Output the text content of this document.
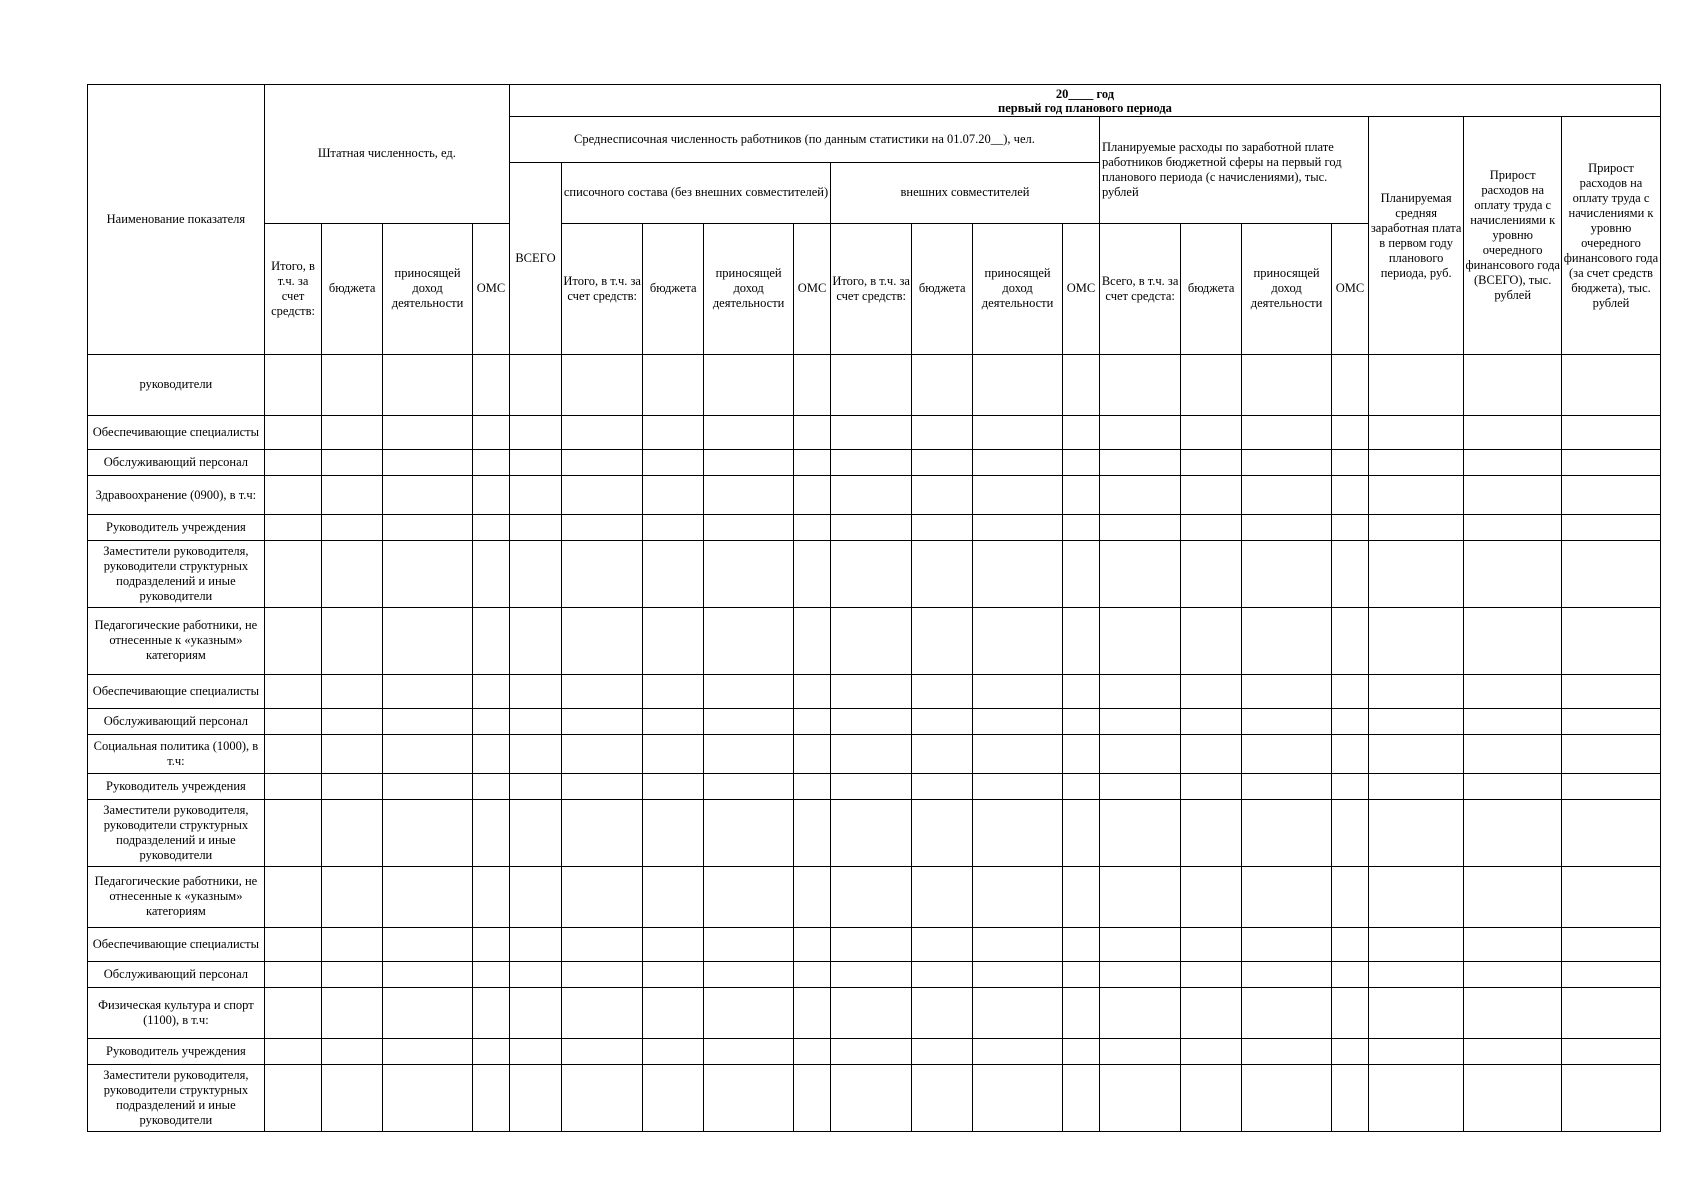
Наименование показателя	Штатная численность, ед.				20____ год
первый год планового периода															

					Среднесписочная численность работников (по данным статистики на 01.07.20__), чел.									Планируемые расходы по заработной плате работников бюджетной сферы на первый год планового периода (с начислениями), тыс. рублей				Планируемая средняя заработная плата в первом году планового периода, руб.	Прирост расходов на оплату труда с начислениями к уровню очередного финансового года (ВСЕГО), тыс. рублей	Прирост расходов на оплату труда с начислениями к уровню очередного финансового года (за счет средств бюджета), тыс. рублей
					ВСЕГО	списочного состава (без внешних совместителей)				внешних совместителей										
	Итого, в т.ч. за счет средств:	бюджета	приносящей доход деятельности	ОМС		Итого, в т.ч. за счет средств:	бюджета	приносящей доход деятельности	ОМС	Итого, в т.ч. за счет средств:	бюджета	приносящей доход деятельности	ОМС	Всего, в т.ч. за счет средста:	бюджета	приносящей доход деятельности	ОМС			
руководители																				
Обеспечивающие специалисты																				
Обслуживающий персонал																				
Здравоохранение (0900), в т.ч:																				
Руководитель учреждения																				
Заместители руководителя, руководители структурных подразделений и иные руководители																				
Педагогические работники, не отнесенные к «указным» категориям																				
Обеспечивающие специалисты																				
Обслуживающий персонал																				
Социальная политика (1000), в т.ч:																				
Руководитель учреждения																				
Заместители руководителя, руководители структурных подразделений и иные руководители																				
Педагогические работники, не отнесенные к «указным» категориям																				
Обеспечивающие специалисты																				
Обслуживающий персонал																				
Физическая культура и спорт (1100), в т.ч:																				
Руководитель учреждения																				
Заместители руководителя, руководители структурных подразделений и иные руководители																				
